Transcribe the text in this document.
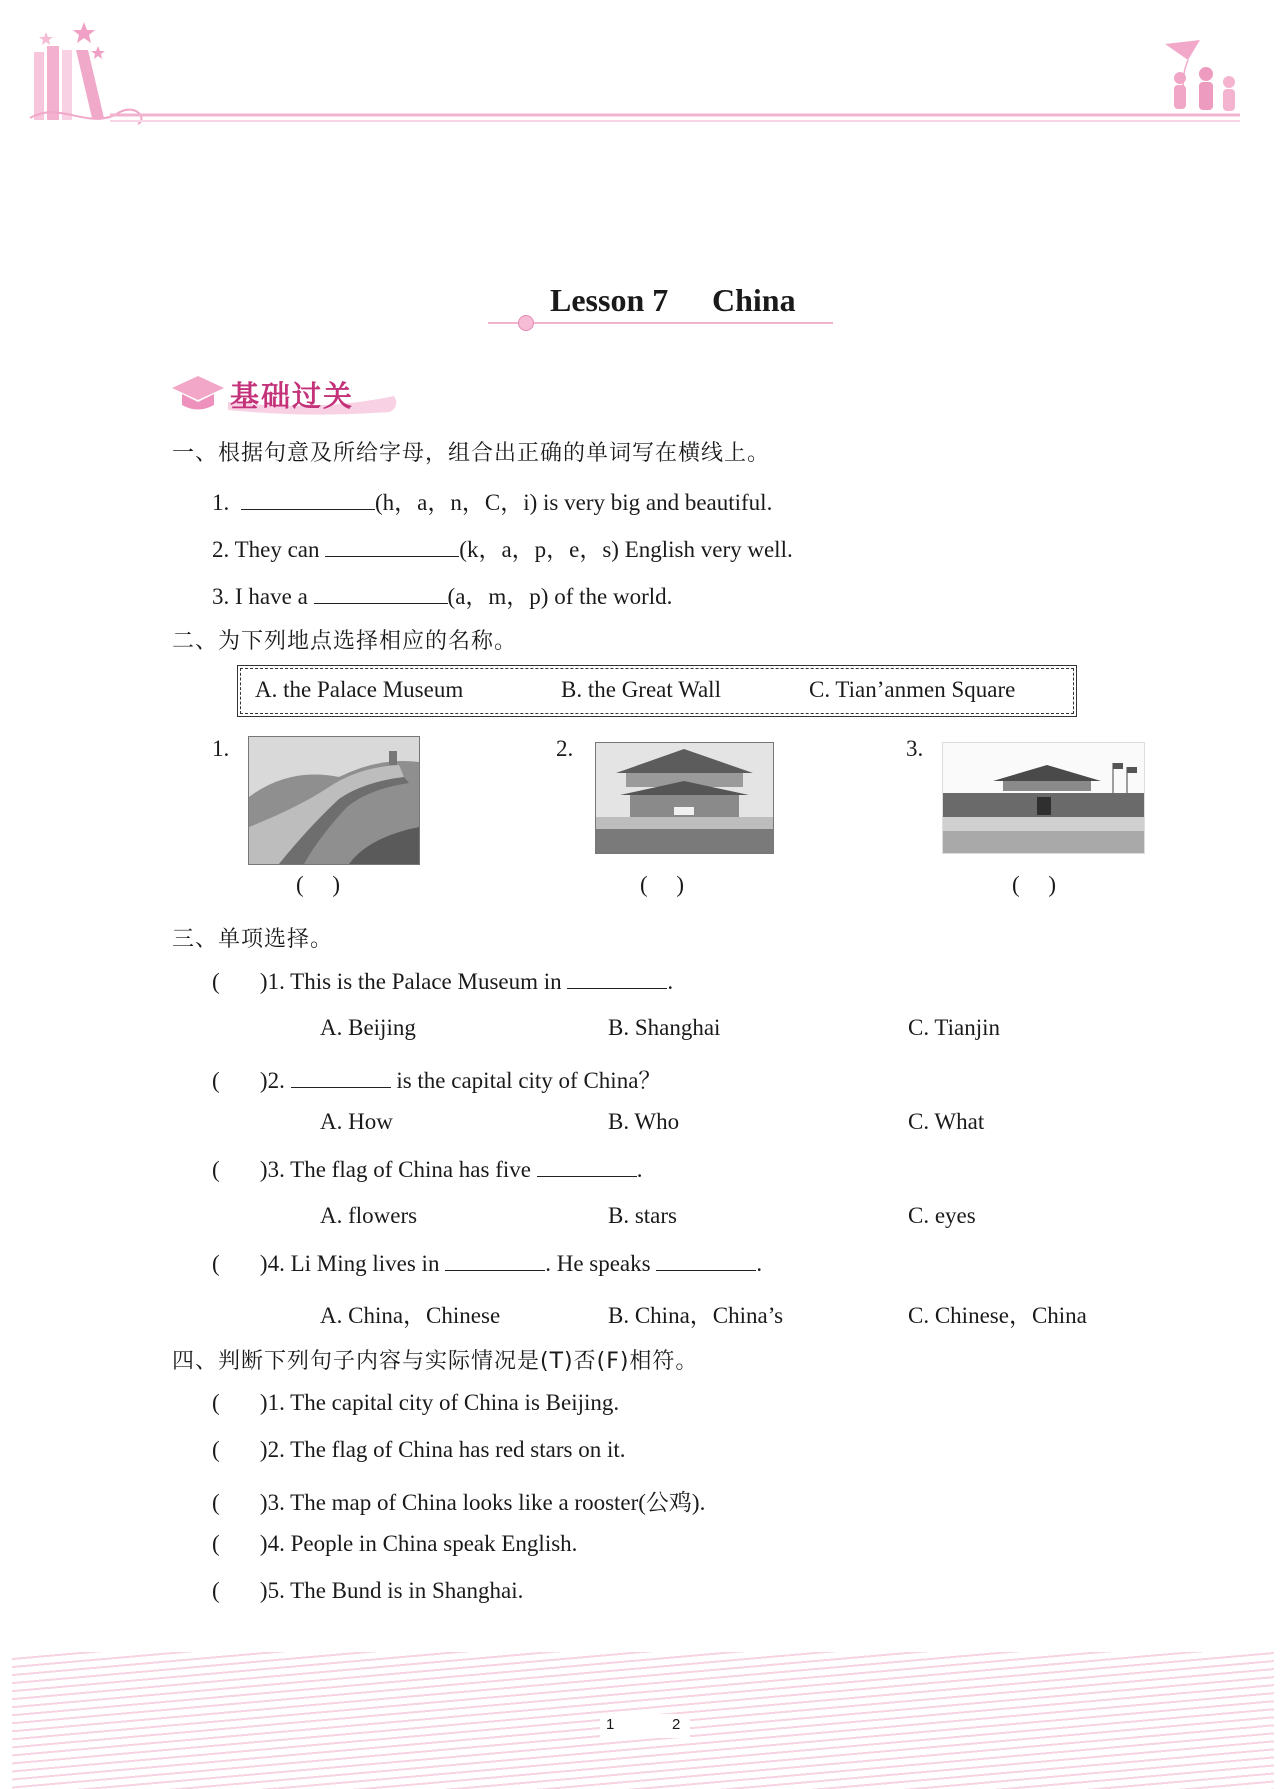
Lesson 7 China
基础过关
一、根据句意及所给字母，组合出正确的单词写在横线上。
1.	(h，a，n，C，i) is very big and beautiful.
2. They can	(k，a，p，e，s) English very well.
3. I have a	(a，m，p) of the world.
二、为下列地点选择相应的名称。
A. the Palace Museum	B. the Great Wall	C. Tian’anmen Square
1.
(     )
2.
(     )
3.
(     )
三、单项选择。
(       )1. This is the Palace Museum in	.
A. Beijing	B. Shanghai	C. Tianjin
(       )2.	is the capital city of China？
A. How	B. Who	C. What
(       )3. The flag of China has five	.
A. flowers	B. stars	C. eyes
(       )4. Li Ming lives in	. He speaks	.
A. China，Chinese	B. China，China’s	C. Chinese，China
四、判断下列句子内容与实际情况是(T)否(F)相符。
(       )1. The capital city of China is Beijing.
(       )2. The flag of China has red stars on it.
(       )3. The map of China looks like a rooster(公鸡).
(       )4. People in China speak English.
(       )5. The Bund is in Shanghai.
1	2
